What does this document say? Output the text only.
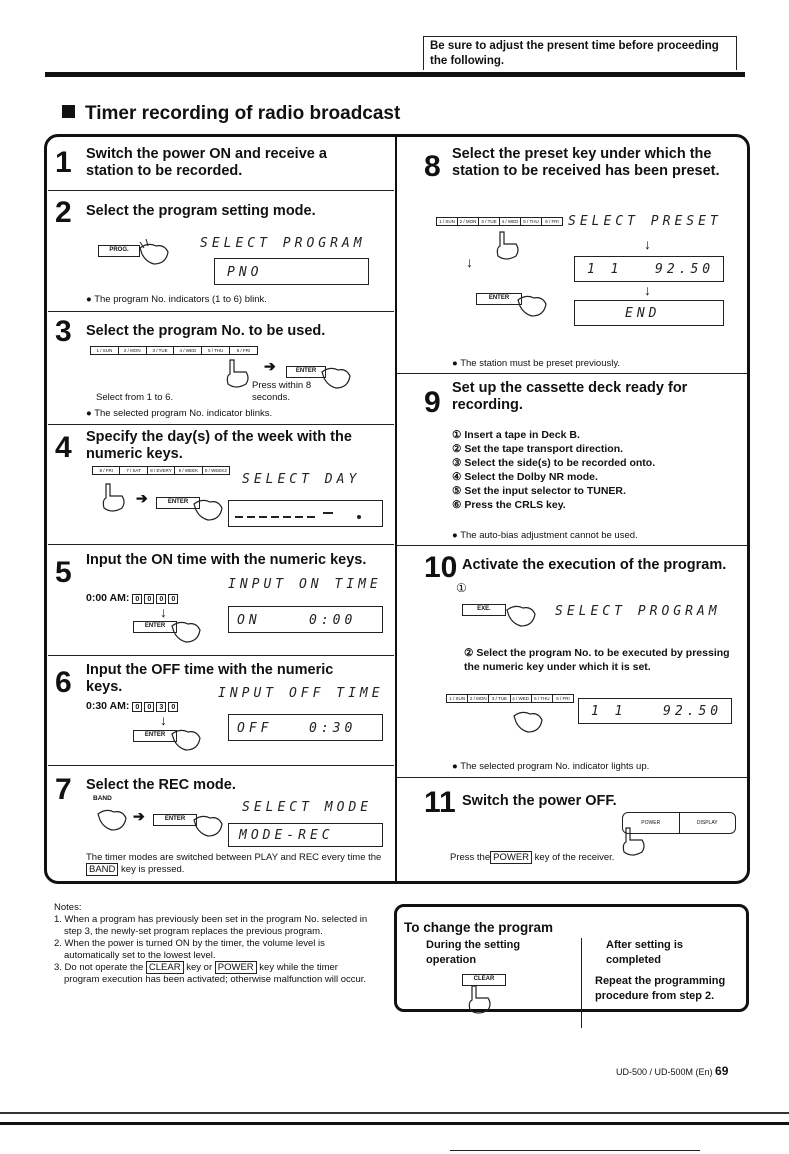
Be sure to adjust the present time before proceeding the following.
Timer recording of radio broadcast
1 Switch the power ON and receive a station to be recorded.
2 Select the program setting mode.
PROG.	SELECT PROGRAM
PNO
● The program No. indicators (1 to 6) blink.
3 Select the program No. to be used.
1 / SUN	2 / MON	3 / TUE	4 / WED	5 / THU	6 / FRI
➔	ENTER
Select from 1 to 6.
Press within 8 seconds.
● The selected program No. indicator blinks.
4 Specify the day(s) of the week with the numeric keys.
8 / FRI	7 / SAT	8 / EVERY	9 / WEEK	0 / WEEK2
➔	ENTER
SELECT DAY
5 Input the ON time with the numeric keys.
0:00 AM: 0 0 0 0
↓
ENTER
INPUT ON TIME
ON	0:00
6 Input the OFF time with the numeric keys.
0:30 AM: 0 0 3 0
↓
ENTER
INPUT OFF TIME
OFF	0:30
7 Select the REC mode.
BAND
➔	ENTER
SELECT MODE
MODE-REC
The timer modes are switched between PLAY and REC every time the BAND key is pressed.
8 Select the preset key under which the station to be received has been preset.
1 / SUN	2 / MON	3 / TUE	4 / WED	5 / THU	6 / FRI SELECT PRESET
↓
↓
1 1	92.50
↓
ENTER
END
● The station must be preset previously.
9 Set up the cassette deck ready for recording.
① Insert a tape in Deck B.
② Set the tape transport direction.
③ Select the side(s) to be recorded onto.
④ Select the Dolby NR mode.
⑤ Set the input selector to TUNER.
⑥ Press the CRLS key.
● The auto-bias adjustment cannot be used.
10 Activate the execution of the program.
①
EXE.	SELECT PROGRAM
② Select the program No. to be executed by pressing the numeric key under which it is set.
1 / SUN	2 / MON	3 / TUE	4 / WED	5 / THU	6 / FRI
1 1	92.50
● The selected program No. indicator lights up.
11 Switch the power OFF.
POWER	DISPLAY
Press the POWER key of the receiver.
Notes:
1. When a program has previously been set in the program No. selected in step 3, the newly-set program replaces the previous program.
2. When the power is turned ON by the timer, the volume level is automatically set to the lowest level.
3. Do not operate the CLEAR key or POWER key while the timer program execution has been activated; otherwise malfunction will occur.
To change the program
During the setting operation
CLEAR
After setting is completed
Repeat the programming procedure from step 2.
UD-500 / UD-500M (En) 69
